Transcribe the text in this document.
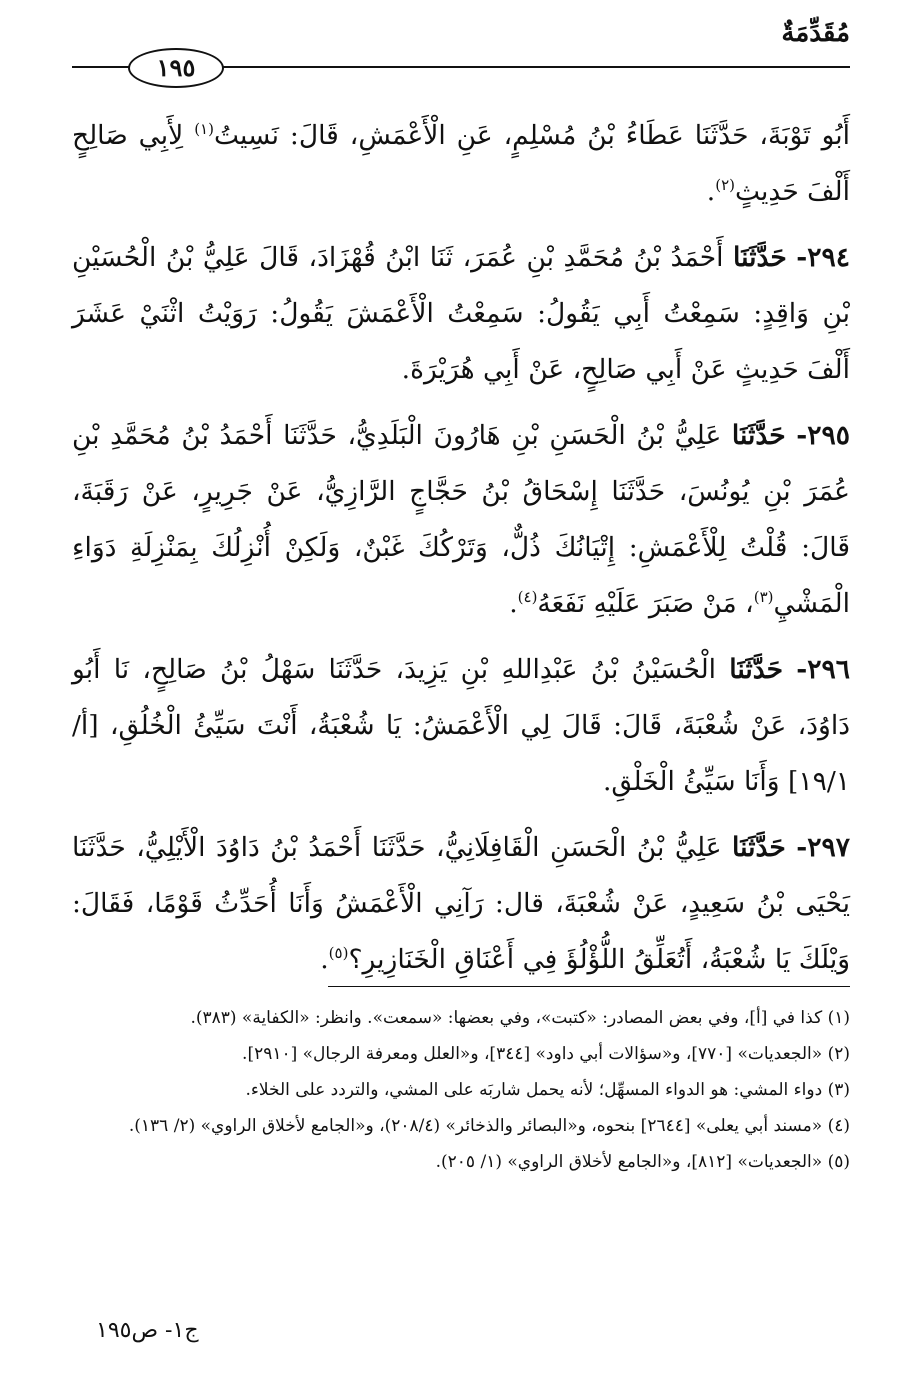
مُقَدِّمَةٌ
١٩٥

أَبُو تَوْبَةَ، حَدَّثَنَا عَطَاءُ بْنُ مُسْلِمٍ، عَنِ الْأَعْمَشِ، قَالَ: نَسِيتُ$^{(١)}$ لِأَبِي صَالِحٍ أَلْفَ حَدِيثٍ$^{(٢)}$.

٢٩٤- حَدَّثَنَا أَحْمَدُ بْنُ مُحَمَّدِ بْنِ عُمَرَ، ثَنَا ابْنُ قُهْزَادَ، قَالَ عَلِيُّ بْنُ الْحُسَيْنِ بْنِ وَاقِدٍ: سَمِعْتُ أَبِي يَقُولُ: سَمِعْتُ الْأَعْمَشَ يَقُولُ: رَوَيْتُ اثْنَيْ عَشَرَ أَلْفَ حَدِيثٍ عَنْ أَبِي صَالِحٍ، عَنْ أَبِي هُرَيْرَةَ.

٢٩٥- حَدَّثَنَا عَلِيُّ بْنُ الْحَسَنِ بْنِ هَارُونَ الْبَلَدِيُّ، حَدَّثَنَا أَحْمَدُ بْنُ مُحَمَّدِ بْنِ عُمَرَ بْنِ يُونُسَ، حَدَّثَنَا إِسْحَاقُ بْنُ حَجَّاجٍ الرَّازِيُّ، عَنْ جَرِيرٍ، عَنْ رَقَبَةَ، قَالَ: قُلْتُ لِلْأَعْمَشِ: إِتْيَانُكَ ذُلٌّ، وَتَرْكُكَ غَبْنٌ، وَلَكِنْ أُنْزِلُكَ بِمَنْزِلَةِ دَوَاءِ الْمَشْيِ$^{(٣)}$، مَنْ صَبَرَ عَلَيْهِ نَفَعَهُ$^{(٤)}$.

٢٩٦- حَدَّثَنَا الْحُسَيْنُ بْنُ عَبْدِاللهِ بْنِ يَزِيدَ، حَدَّثَنَا سَهْلُ بْنُ صَالِحٍ، نَا أَبُو دَاوُدَ، عَنْ شُعْبَةَ، قَالَ: قَالَ لِي الْأَعْمَشُ: يَا شُعْبَةُ، أَنْتَ سَيِّئُ الْخُلُقِ، [أ/١٩/١] وَأَنَا سَيِّئُ الْخَلْقِ.

٢٩٧- حَدَّثَنَا عَلِيُّ بْنُ الْحَسَنِ الْقَافِلَانِيُّ، حَدَّثَنَا أَحْمَدُ بْنُ دَاوُدَ الْأَيْلِيُّ، حَدَّثَنَا يَحْيَى بْنُ سَعِيدٍ، عَنْ شُعْبَةَ، قال: رَآنِي الْأَعْمَشُ وَأَنَا أُحَدِّثُ قَوْمًا، فَقَالَ: وَيْلَكَ يَا شُعْبَةُ، أَتُعَلِّقُ اللُّؤْلُؤَ فِي أَعْنَاقِ الْخَنَازِيرِ؟$^{(٥)}$.

(١) كذا في [أ]، وفي بعض المصادر: «كتبت»، وفي بعضها: «سمعت». وانظر: «الكفاية» (٣٨٣).

(٢) «الجعديات» [٧٧٠]، و«سؤالات أبي داود» [٣٤٤]، و«العلل ومعرفة الرجال» [٢٩١٠].

(٣) دواء المشي: هو الدواء المسهِّل؛ لأنه يحمل شاربَه على المشي، والتردد على الخلاء.

(٤) «مسند أبي يعلى» [٢٦٤٤] بنحوه، و«البصائر والذخائر» (٢٠٨/٤)، و«الجامع لأخلاق الراوي» (٢/ ١٣٦).

(٥) «الجعديات» [٨١٢]، و«الجامع لأخلاق الراوي» (١/ ٢٠٥).

ج١- ص١٩٥
